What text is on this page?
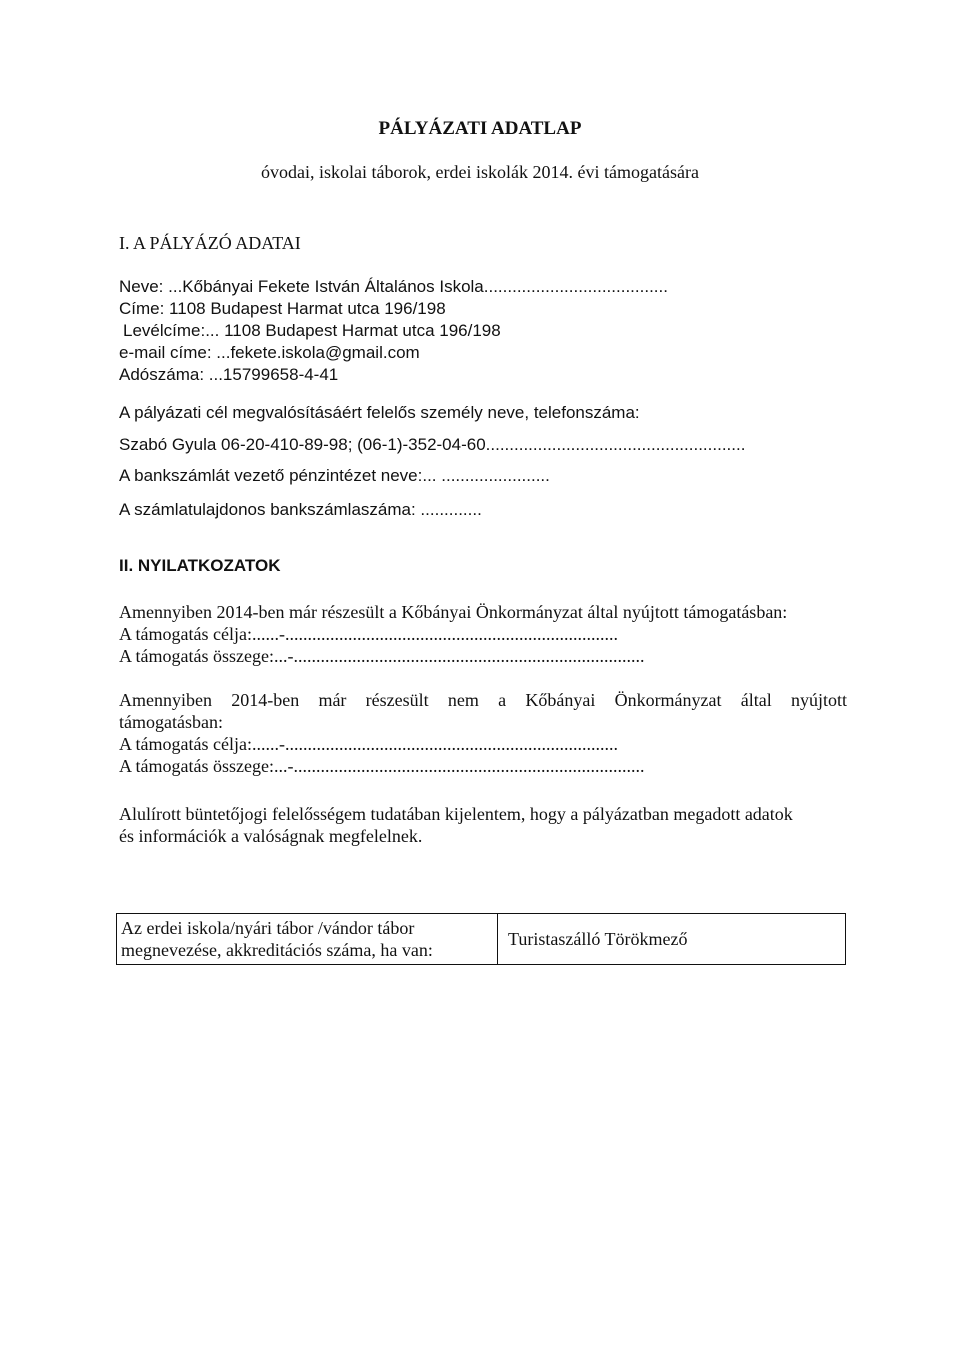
PÁLYÁZATI ADATLAP
óvodai, iskolai táborok, erdei iskolák 2014. évi támogatására
I. A PÁLYÁZÓ ADATAI
Neve: ...Kőbányai Fekete István Általános Iskola.......................................
Címe: 1108 Budapest Harmat utca 196/198
Levélcíme:... 1108 Budapest Harmat utca 196/198
e-mail címe: ...fekete.iskola@gmail.com
Adószáma: ...15799658-4-41
A pályázati cél megvalósításáért felelős személy neve, telefonszáma:
Szabó Gyula 06-20-410-89-98; (06-1)-352-04-60.......................................................
A bankszámlát vezető pénzintézet neve:... .......................
A számlatulajdonos bankszámlaszáma: .............
II. NYILATKOZATOK
Amennyiben 2014-ben már részesült a Kőbányai Önkormányzat által nyújtott támogatásban:
A támogatás célja:......-..........................................................................
A támogatás összege:...-..............................................................................
Amennyiben 2014-ben már részesült nem a Kőbányai Önkormányzat által nyújtott
támogatásban:
A támogatás célja:......-..........................................................................
A támogatás összege:...-..............................................................................
Alulírott büntetőjogi felelősségem tudatában kijelentem, hogy a pályázatban megadott adatok
és információk a valóságnak megfelelnek.
Az erdei iskola/nyári tábor /vándor tábor
megnevezése, akkreditációs száma, ha van:
	Turistaszálló Törökmező
